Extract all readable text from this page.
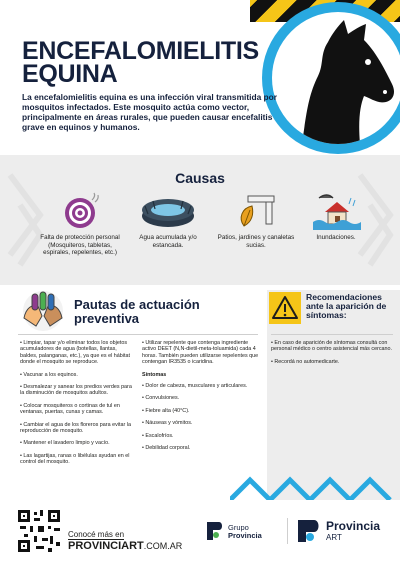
ENCEFALOMIELITIS EQUINA

La encefalomielitis equina es una infección viral transmitida por mosquitos infectados. Este mosquito actúa como vector, principalmente en áreas rurales, que pueden causar encefalitis grave en equinos y humanos.

Causas
Falta de protección personal (Mosquiteros, tabletas, espirales, repelentes, etc.)
Agua acumulada y/o estancada.
Patios, jardines y canaletas sucias.
Inundaciones.
Pautas de actuación preventiva

• Limpiar, tapar y/o eliminar todos los objetos acumuladores de agua (botellas, llantas, baldes, palanganas, etc.), ya que es el hábitat donde el mosquito se reproduce.

• Vacunar a los equinos.

• Desmalezar y sanear los predios verdes para la disminución de mosquitos adultos.

• Colocar mosquiteros o cortinas de tul en ventanas, puertas, cunas y camas.

• Cambiar el agua de los floreros para evitar la reproducción de mosquito.

• Mantener el lavadero limpio y vacío.

• Las lagartijas, ranas o libélulas ayudan en el control del mosquito.

• Utilizar repelente que contenga ingrediente activo DEET (N,N-dietil-meta-toluamida) cada 4 horas. También pueden utilizarse repelentes que contengan IR3535 o icaridina.

Síntomas

• Dolor de cabeza, musculares y articulares.

• Convulsiones.

• Fiebre alta (40°C).

• Náuseas y vómitos.

• Escalofríos.

• Debilidad corporal.

Recomendaciones ante la aparición de síntomas:

• En caso de aparición de síntomas consultá con personal médico o centro asistencial más cercano.

• Recordá no automedicarte.

Conocé más en
PROVINCIART.COM.AR
Grupo
Provincia
Provincia
ART
